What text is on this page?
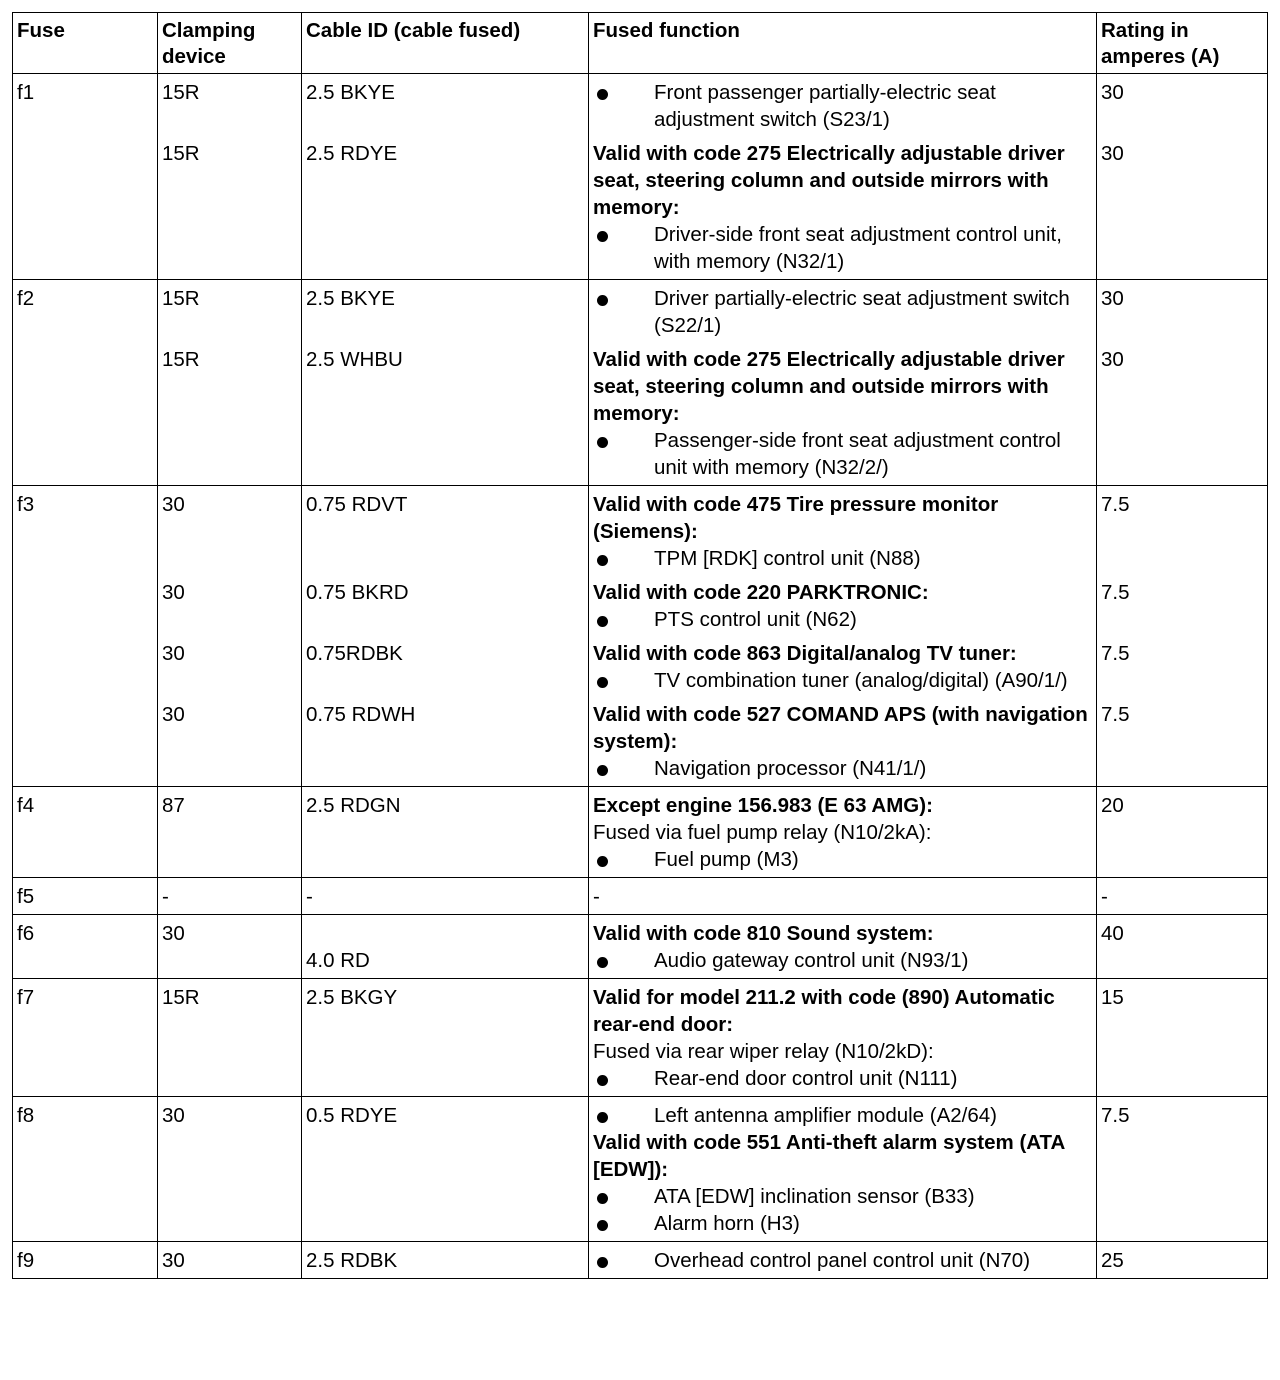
Fuse	Clamping device	Cable ID (cable fused)	Fused function	Rating in amperes (A)
f1	15R	2.5 BKYE	Front passenger partially-electric seat adjustment switch (S23/1)	30
	15R	2.5 RDYE	Valid with code 275 Electrically adjustable driver seat, steering column and outside mirrors with memory:
Driver-side front seat adjustment control unit, with memory (N32/1)	30
f2	15R	2.5 BKYE	Driver partially-electric seat adjustment switch (S22/1)	30
	15R	2.5 WHBU	Valid with code 275 Electrically adjustable driver seat, steering column and outside mirrors with memory:
Passenger-side front seat adjustment control unit with memory (N32/2/)	30
f3	30	0.75 RDVT	Valid with code 475 Tire pressure monitor (Siemens):
TPM [RDK] control unit (N88)	7.5
	30	0.75 BKRD	Valid with code 220 PARKTRONIC:
PTS control unit (N62)	7.5
	30	0.75RDBK	Valid with code 863 Digital/analog TV tuner:
TV combination tuner (analog/digital) (A90/1/)	7.5
	30	0.75 RDWH	Valid with code 527 COMAND APS (with navigation system):
Navigation processor (N41/1/)	7.5
f4	87	2.5 RDGN	Except engine 156.983 (E 63 AMG):
Fused via fuel pump relay (N10/2kA):
Fuel pump (M3)	20
f5	-	-	-	-
f6	30	4.0 RD	Valid with code 810 Sound system:
Audio gateway control unit (N93/1)	40
f7	15R	2.5 BKGY	Valid for model 211.2 with code (890) Automatic rear-end door:
Fused via rear wiper relay (N10/2kD):
Rear-end door control unit (N111)	15
f8	30	0.5 RDYE	Left antenna amplifier module (A2/64)
Valid with code 551 Anti-theft alarm system (ATA [EDW]):
ATA [EDW] inclination sensor (B33)
Alarm horn (H3)	7.5
f9	30	2.5 RDBK	Overhead control panel control unit (N70)	25
